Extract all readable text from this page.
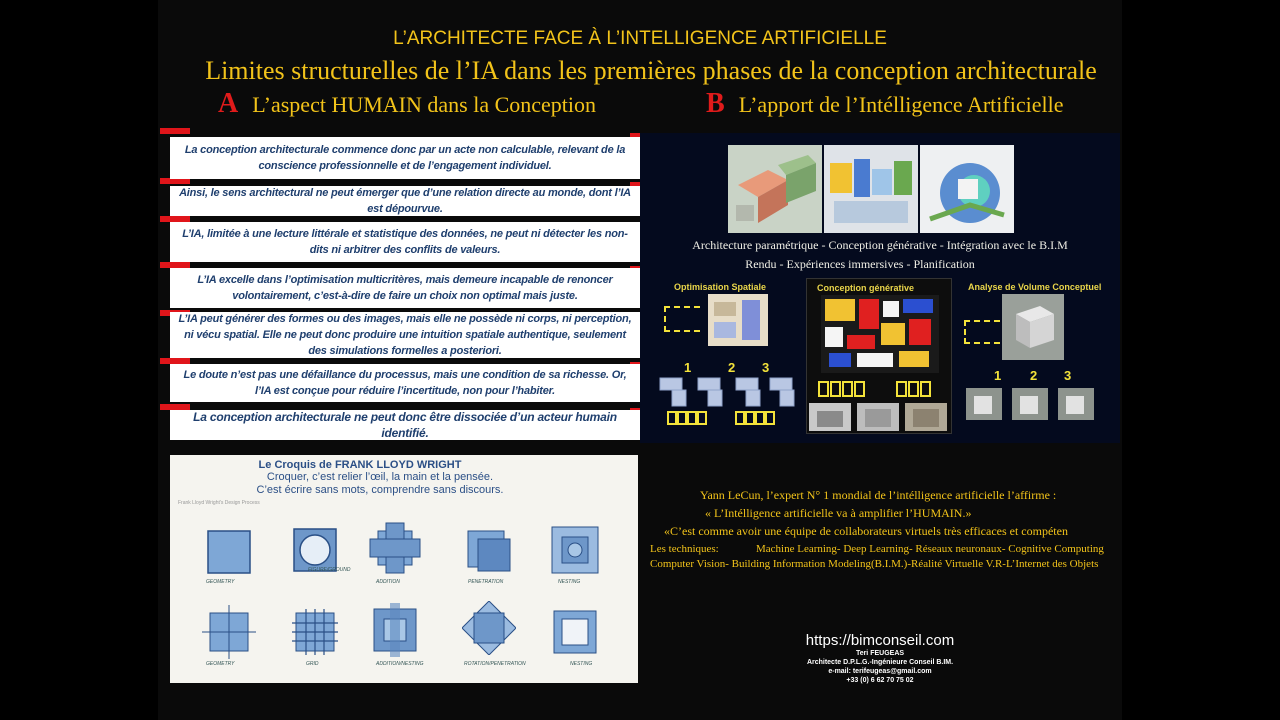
L’ARCHITECTE FACE À L’INTELLIGENCE ARTIFICIELLE
Limites structurelles de l’IA dans les premières phases de la conception architecturale
A L’aspect HUMAIN dans la Conception	B L’apport de l’Intélligence Artificielle
La conception architecturale commence donc par un acte non calculable, relevant de la conscience professionnelle et de l’engagement individuel.
Ainsi, le sens architectural ne peut émerger que d’une relation directe au monde, dont l’IA est dépourvue.
L’IA, limitée à une lecture littérale et statistique des données, ne peut ni détecter les non-dits ni arbitrer des conflits de valeurs.
L’IA excelle dans l’optimisation multicritères, mais demeure incapable de renoncer volontairement, c’est-à-dire de faire un choix non optimal mais juste.
L’IA peut générer des formes ou des images, mais elle ne possède ni corps, ni perception, ni vécu spatial. Elle ne peut donc produire une intuition spatiale authentique, seulement des simulations formelles a posteriori.
Le doute n’est pas une défaillance du processus, mais une condition de sa richesse. Or, l’IA est conçue pour réduire l’incertitude, non pour l’habiter.
La conception architecturale ne peut donc être dissociée d’un acteur humain identifié.
Le Croquis de FRANK LLOYD WRIGHT
Croquer, c’est relier l’œil, la main et la pensée.
C’est écrire sans mots, comprendre sans discours.
Frank Lloyd Wright's Design Process
GEOMETRY
FIGURE/GROUND
ADDITION	PENETRATION	NESTING
GEOMETRY	GRID	ADDITION/NESTING	ROTATION/PENETRATION	NESTING
Architecture paramétrique - Conception générative - Intégration avec le B.I.M
Rendu - Expériences immersives - Planification
Optimisation Spatiale
1	2 3
Conception générative	Analyse de Volume Conceptuel
1 2 3
Yann LeCun, l’expert N° 1 mondial de l’intélligence artificielle l’affirme :
« L’Intélligence artificielle va à amplifier l’HUMAIN.»
«C’est comme avoir une équipe de collaborateurs virtuels très efficaces et compéten
Les techniques:	Machine Learning- Deep Learning- Réseaux neuronaux- Cognitive Computing
Computer Vision- Building Information Modeling(B.I.M.)-Réalité Virtuelle V.R-L’Internet des Objets
https://bimconseil.com
Teri FEUGEAS
Architecte D.P.L.G.-Ingénieure Conseil B.IM.
e-mail: terifeugeas@gmail.com
+33 (0) 6 62 70 75 02
